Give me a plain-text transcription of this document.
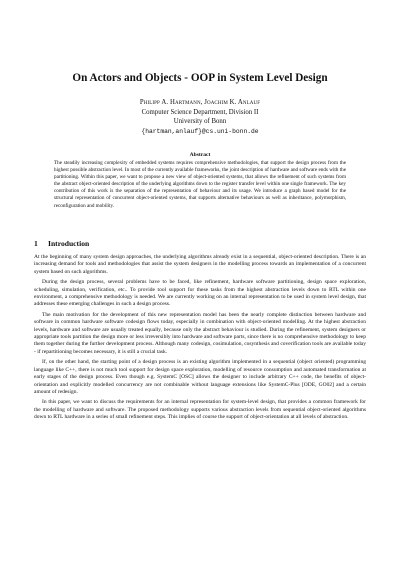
On Actors and Objects - OOP in System Level Design
Philipp A. Hartmann, Joachim K. Anlauf
Computer Science Department, Division II
University of Bonn
{hartman,anlauf}@cs.uni-bonn.de
Abstract

The steadily increasing complexity of embedded systems requires comprehensive methodologies, that support the design process from the highest possible abstraction level. In most of the currently available frameworks, the joint description of hardware and software ends with the partitioning. Within this paper, we want to propose a new view of object-oriented systems, that allows the refinement of such systems from the abstract object-oriented description of the underlying algorithms down to the register transfer level within one single framework. The key contribution of this work is the separation of the representation of behaviour and its usage. We introduce a graph based model for the structural representation of concurrent object-oriented systems, that supports alternative behaviours as well as inheritance, polymorphism, reconfiguration and mobility.

1 Introduction

At the beginning of many system design approaches, the underlying algorithms already exist in a sequential, object-oriented description. There is an increasing demand for tools and methodologies that assist the system designers in the modelling process towards an implementation of a concurrent system based on such algorithms.

During the design process, several problems have to be faced, like refinement, hardware software partitioning, design space exploration, scheduling, simulation, verification, etc.. To provide tool support for these tasks from the highest abstraction levels down to RTL within one environment, a comprehensive methodology is needed. We are currently working on an internal representation to be used in system level design, that addresses these emerging challenges in such a design process.

The main motivation for the development of this new representation model has been the nearly complete distinction between hardware and software in common hardware software codesign flows today, especially in combination with object-oriented modelling. At the highest abstraction levels, hardware and software are usually treated equally, because only the abstract behaviour is studied. During the refinement, system designers or appropriate tools partition the design more or less irreversibly into hardware and software parts, since there is no comprehensive methodology to keep them together during the further development process. Although many codesign, cosimulation, cosynthesis and coverification tools are available today - if repartitioning becomes necessary, it is still a crucial task.

If, on the other hand, the starting point of a design process is an existing algorithm implemented in a sequential (object oriented) programming language like C++, there is not much tool support for design space exploration, modelling of resource consumption and automated transformation at early stages of the design process. Even though e.g. SystemC [OSC] allows the designer to include arbitrary C++ code, the benefits of object-orientation and explicitly modelled concurrency are not combinable without language extensions like SystemC-Plus [ODE, GO02] and a certain amount of redesign.

In this paper, we want to discuss the requirements for an internal representation for system-level design, that provides a common framework for the modelling of hardware and software. The proposed methodology supports various abstraction levels from sequential object-oriented algorithms down to RTL hardware in a series of small refinement steps. This implies of course the support of object-orientation at all levels of abstraction.
